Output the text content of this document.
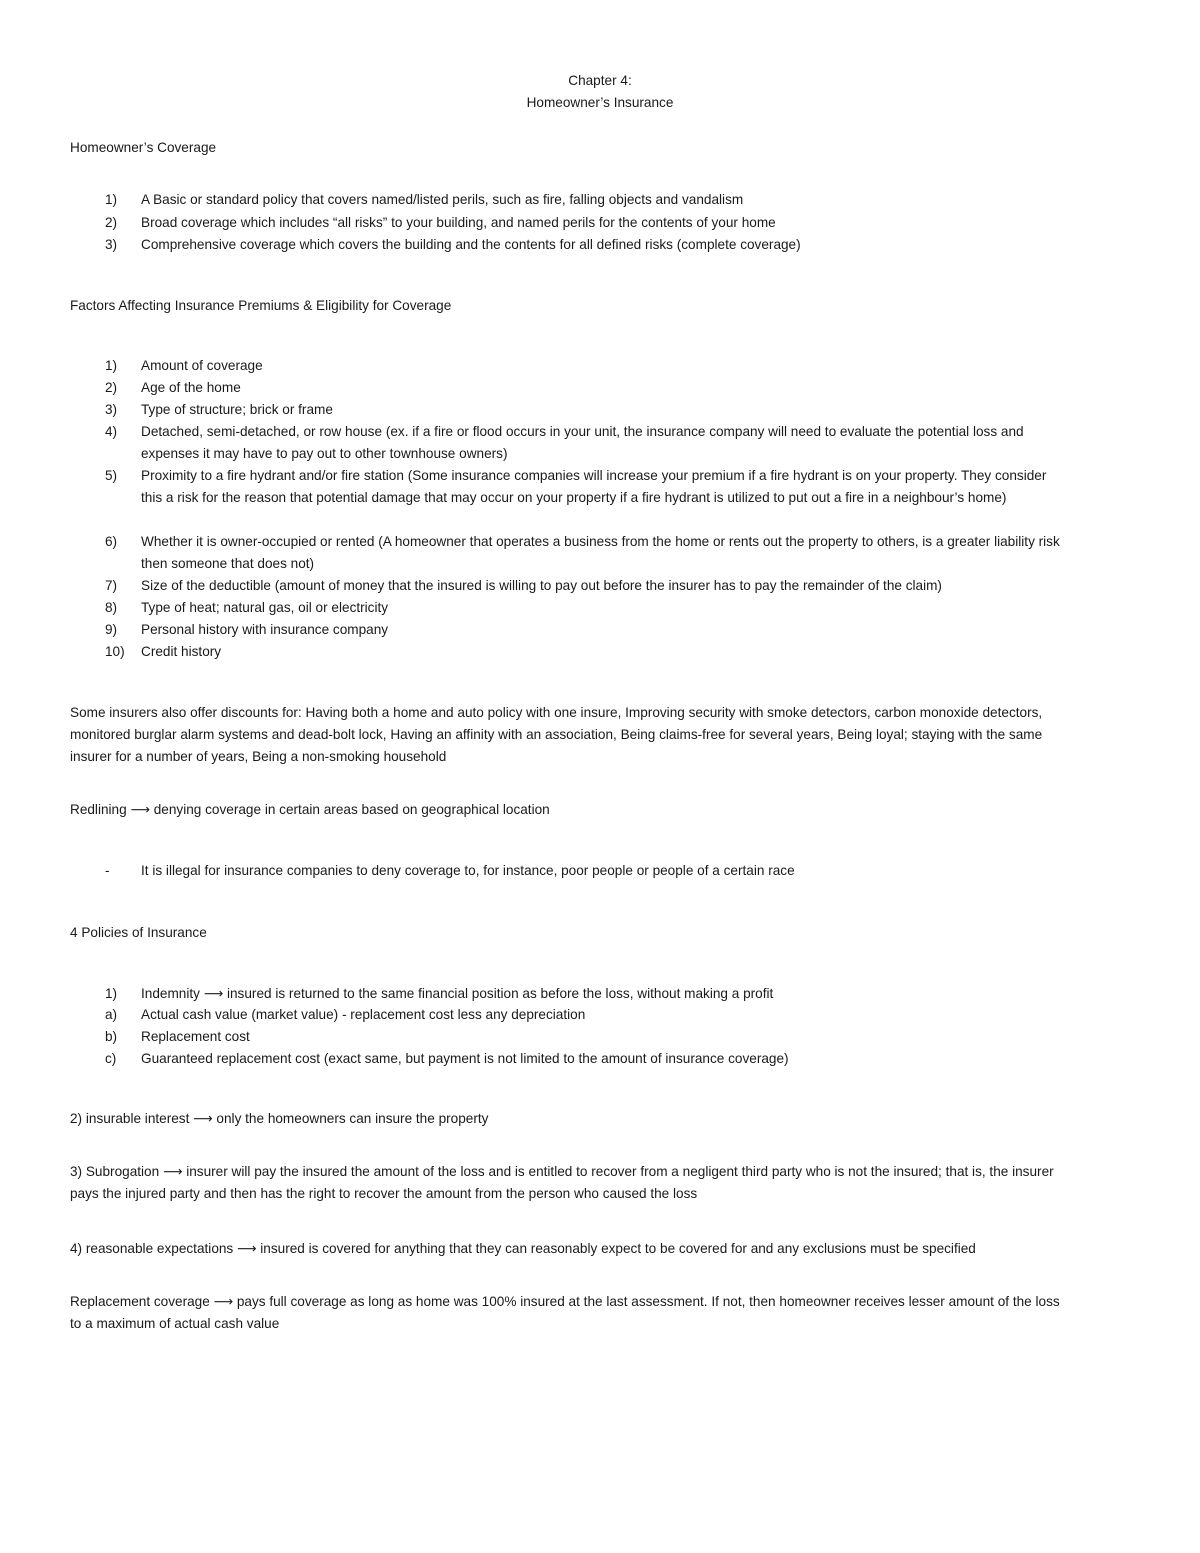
Chapter 4:
Homeowner’s Insurance
Homeowner’s Coverage
1) A Basic or standard policy that covers named/listed perils, such as fire, falling objects and vandalism
2) Broad coverage which includes “all risks” to your building, and named perils for the contents of your home
3) Comprehensive coverage which covers the building and the contents for all defined risks (complete coverage)
Factors Affecting Insurance Premiums & Eligibility for Coverage
1) Amount of coverage
2) Age of the home
3) Type of structure; brick or frame
4) Detached, semi-detached, or row house (ex. if a fire or flood occurs in your unit, the insurance company will need to evaluate the potential loss and expenses it may have to pay out to other townhouse owners)
5) Proximity to a fire hydrant and/or fire station (Some insurance companies will increase your premium if a fire hydrant is on your property. They consider this a risk for the reason that potential damage that may occur on your property if a fire hydrant is utilized to put out a fire in a neighbour’s home)
6) Whether it is owner-occupied or rented (A homeowner that operates a business from the home or rents out the property to others, is a greater liability risk then someone that does not)
7) Size of the deductible (amount of money that the insured is willing to pay out before the insurer has to pay the remainder of the claim)
8) Type of heat; natural gas, oil or electricity
9) Personal history with insurance company
10) Credit history
Some insurers also offer discounts for: Having both a home and auto policy with one insure, Improving security with smoke detectors, carbon monoxide detectors, monitored burglar alarm systems and dead-bolt lock, Having an affinity with an association, Being claims-free for several years, Being loyal; staying with the same insurer for a number of years, Being a non-smoking household
Redlining ⟶ denying coverage in certain areas based on geographical location
- It is illegal for insurance companies to deny coverage to, for instance, poor people or people of a certain race
4 Policies of Insurance
1) Indemnity ⟶ insured is returned to the same financial position as before the loss, without making a profit
a) Actual cash value (market value) - replacement cost less any depreciation
b) Replacement cost
c) Guaranteed replacement cost (exact same, but payment is not limited to the amount of insurance coverage)
2) insurable interest ⟶ only the homeowners can insure the property
3) Subrogation ⟶ insurer will pay the insured the amount of the loss and is entitled to recover from a negligent third party who is not the insured; that is, the insurer pays the injured party and then has the right to recover the amount from the person who caused the loss
4) reasonable expectations ⟶ insured is covered for anything that they can reasonably expect to be covered for and any exclusions must be specified
Replacement coverage ⟶ pays full coverage as long as home was 100% insured at the last assessment. If not, then homeowner receives lesser amount of the loss to a maximum of actual cash value
